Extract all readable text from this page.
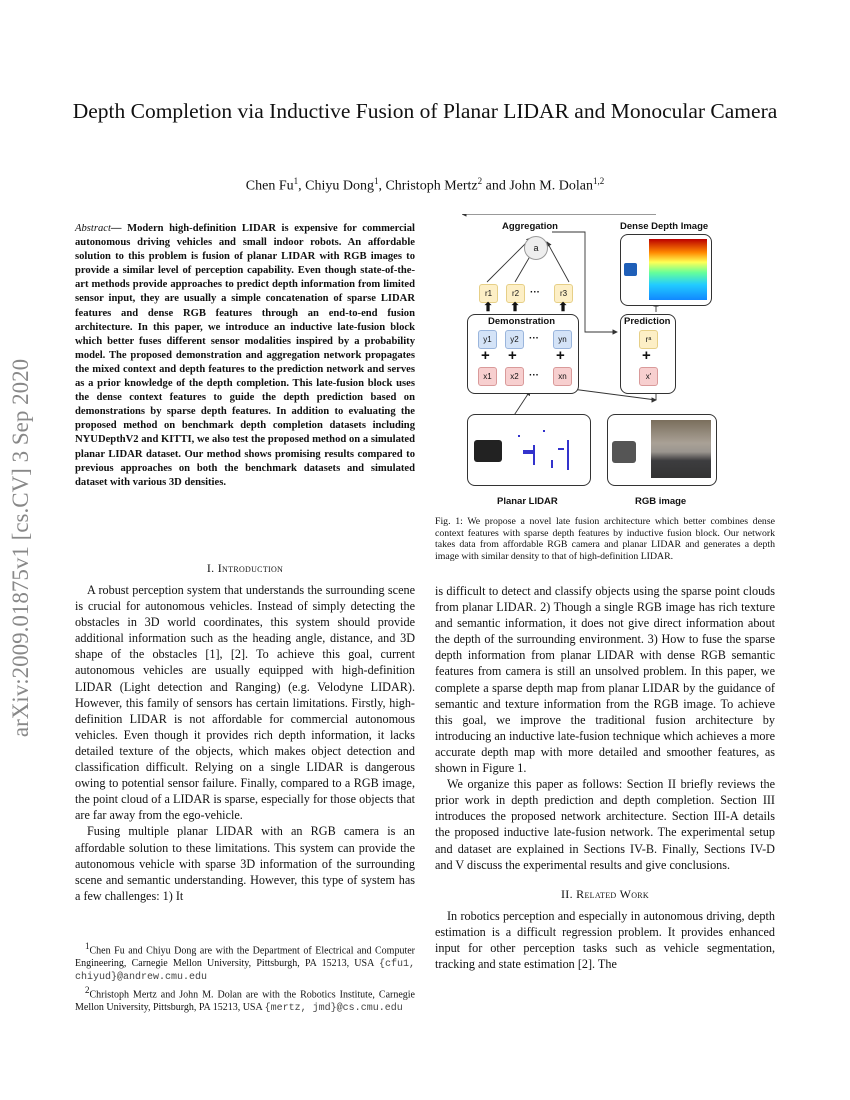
arXiv:2009.01875v1 [cs.CV] 3 Sep 2020
Depth Completion via Inductive Fusion of Planar LIDAR and Monocular Camera
Chen Fu$^1$, Chiyu Dong$^1$, Christoph Mertz$^2$ and John M. Dolan$^{1,2}$
Abstract— Modern high-definition LIDAR is expensive for commercial autonomous driving vehicles and small indoor robots. An affordable solution to this problem is fusion of planar LIDAR with RGB images to provide a similar level of perception capability. Even though state-of-the-art methods provide approaches to predict depth information from limited sensor input, they are usually a simple concatenation of sparse LIDAR features and dense RGB features through an end-to-end fusion architecture. In this paper, we introduce an inductive late-fusion block which better fuses different sensor modalities inspired by a probability model. The proposed demonstration and aggregation network propagates the mixed context and depth features to the prediction network and serves as a prior knowledge of the depth completion. This late-fusion block uses the dense context features to guide the depth prediction based on demonstrations by sparse depth features. In addition to evaluating the proposed method on benchmark depth completion datasets including NYUDepthV2 and KITTI, we also test the proposed method on a simulated planar LIDAR dataset. Our method shows promising results compared to previous approaches on both the benchmark datasets and simulated dataset with various 3D densities.
I. Introduction

A robust perception system that understands the surrounding scene is crucial for autonomous vehicles. Instead of simply detecting the obstacles in 3D world coordinates, this system should provide additional information such as the heading angle, distance, and 3D shape of the obstacles [1], [2]. To achieve this goal, current autonomous vehicles are usually equipped with high-definition LIDAR (Light detection and Ranging) (e.g. Velodyne LIDAR). However, this family of sensors has certain limitations. Firstly, high-definition LIDAR is not affordable for commercial autonomous vehicles. Even though it provides rich depth information, it lacks detailed texture of the objects, which makes object detection and classification difficult. Relying on a single LIDAR is dangerous owing to potential sensor failure. Finally, compared to a RGB image, the point cloud of a LIDAR is sparse, especially for those objects that are far away from the ego-vehicle.

Fusing multiple planar LIDAR with an RGB camera is an affordable solution to these limitations. This system can provide the autonomous vehicle with sparse 3D information of the surrounding scene and semantic understanding. However, this type of system has a few challenges: 1) It

$^1$Chen Fu and Chiyu Dong are with the Department of Electrical and Computer Engineering, Carnegie Mellon University, Pittsburgh, PA 15213, USA {cfu1, chiyud}@andrew.cmu.edu

$^2$Christoph Mertz and John M. Dolan are with the Robotics Institute, Carnegie Mellon University, Pittsburgh, PA 15213, USA {mertz, jmd}@cs.cmu.edu

Aggregation
a
Dense Depth Image
r1	r2	···	r3
⬆ ⬆	⬆
Demonstration
y1	y2	···	yn
+ +	+
x1	x2	···	xn
Prediction
rᵃ
+
x'
Planar LIDAR	RGB image
Fig. 1: We propose a novel late fusion architecture which better combines dense context features with sparse depth features by inductive fusion block. Our network takes data from affordable RGB camera and planar LIDAR and generates a depth image with similar density to that of high-definition LIDAR.

is difficult to detect and classify objects using the sparse point clouds from planar LIDAR. 2) Though a single RGB image has rich texture and semantic information, it does not give direct information about the depth of the surrounding environment. 3) How to fuse the sparse depth information from planar LIDAR with dense RGB semantic features from camera is still an unsolved problem. In this paper, we complete a sparse depth map from planar LIDAR by the guidance of semantic and texture information from the RGB image. To achieve this goal, we improve the traditional fusion architecture by introducing an inductive late-fusion technique which achieves a more accurate depth map with more detailed and smoother features, as shown in Figure 1.

We organize this paper as follows: Section II briefly reviews the prior work in depth prediction and depth completion. Section III introduces the proposed network architecture. Section III-A details the proposed inductive late-fusion network. The experimental setup and dataset are explained in Sections IV-B. Finally, Sections IV-D and V discuss the experimental results and give conclusions.

II. Related Work

In robotics perception and especially in autonomous driving, depth estimation is a difficult regression problem. It provides enhanced input for other perception tasks such as vehicle segmentation, tracking and state estimation [2]. The
